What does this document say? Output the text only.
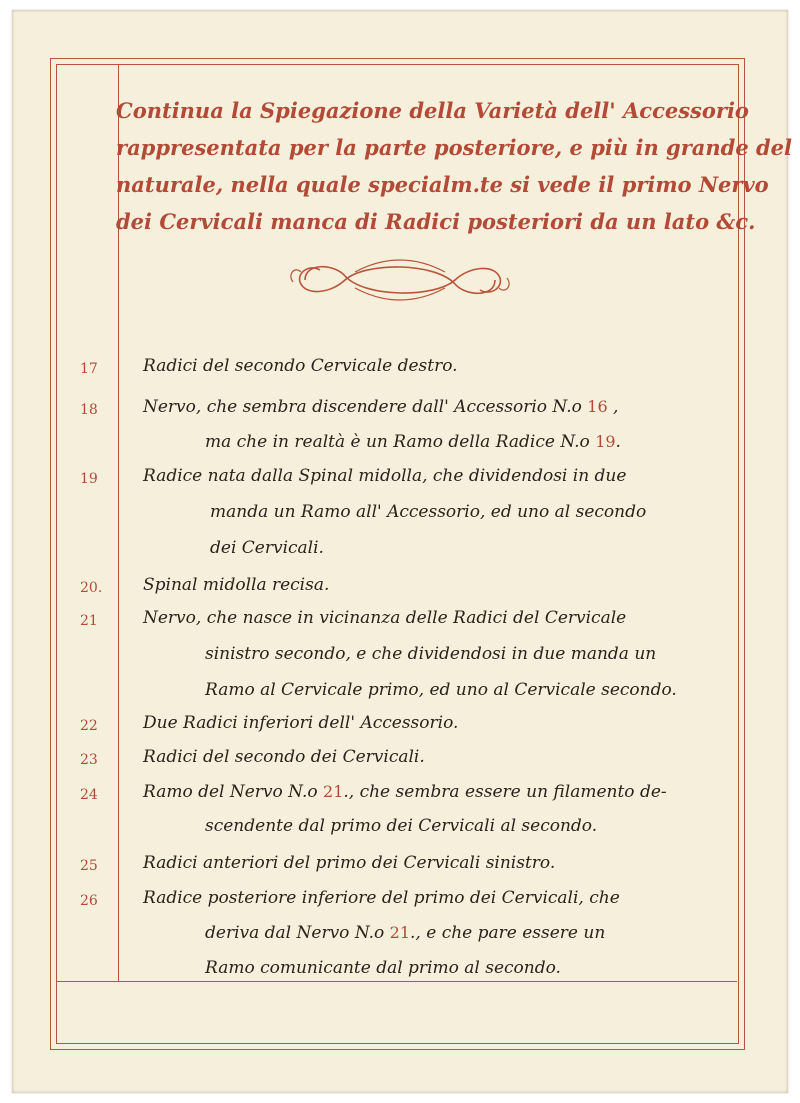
Continua la Spiegazione della Varietà dell' Accessorio
rappresentata per la parte posteriore, e più in grande del
naturale, nella quale specialm.te si vede il primo Nervo
dei Cervicali manca di Radici posteriori da un lato &c.
17	Radici del secondo Cervicale destro.
18	Nervo, che sembra discendere dall' Accessorio N.o 16 ,
ma che in realtà è un Ramo della Radice N.o 19.
19	Radice nata dalla Spinal midolla, che dividendosi in due
manda un Ramo all' Accessorio, ed uno al secondo
dei Cervicali.
20.	Spinal midolla recisa.
21	Nervo, che nasce in vicinanza delle Radici del Cervicale
sinistro secondo, e che dividendosi in due manda un
Ramo al Cervicale primo, ed uno al Cervicale secondo.
22	Due Radici inferiori dell' Accessorio.
23	Radici del secondo dei Cervicali.
24	Ramo del Nervo N.o 21., che sembra essere un filamento de-
scendente dal primo dei Cervicali al secondo.
25	Radici anteriori del primo dei Cervicali sinistro.
26	Radice posteriore inferiore del primo dei Cervicali, che
deriva dal Nervo N.o 21., e che pare essere un
Ramo comunicante dal primo al secondo.
